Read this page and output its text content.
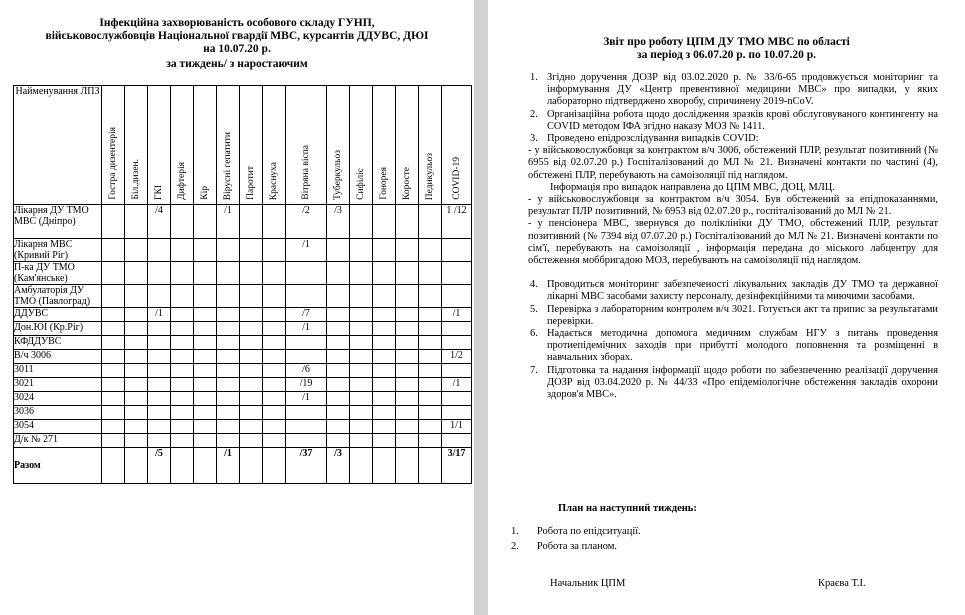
Інфекційна захворюваність особового складу ГУНП,
військовослужбовців Національної гвардії МВС, курсантів ДДУВС, ДЮІ
на 10.07.20 р.
за тиждень/ з наростаючим
Найменування ЛПЗ	Гостра дизентерія	Біл.дизен.	ГКІ	Дифтерія	Кір	Вірусні гепатити	Паротит	Краснуха	Вітряна віспа	Туберкульоз	Сифіліс	Гонорея	Коросте	Педикульоз	COVID-19

Лікарня ДУ ТМО МВС (Дніпро)			/4			/1			/2	/3					1 /12
Лікарня МВС (Кривий Ріг)									/1						
П-ка ДУ ТМО (Кам'янське)															
Амбулаторія ДУ ТМО (Павлоград)															
ДДУВС			/1						/7						/1
Дон.ЮІ (Кр.Ріг)									/1						
КФДДУВС															
В/ч 3006															1/2
3011									/6						
3021									/19						/1
3024									/1						
3036															
3054															1/1
Д/к № 271															
Разом			/5			/1			/37	/3					3/17
Звіт про роботу ЦПМ ДУ ТМО МВС по області
за період з 06.07.20 р. по 10.07.20 р.
1. Згідно доручення ДОЗР від 03.02.2020 р. № 33/6-65 продовжується моніторинг та інформування ДУ «Центр превентивної медицини МВС» про випадки, у яких лабораторно підтверджено хворобу, спричинену 2019-nCoV.
2. Організаційна робота щодо дослідження зразків крові обслуговуваного контингенту на COVID методом ІФА згідно наказу МОЗ № 1411.
3. Проведено епідрозслідування випадків COVID:

- у військовослужбовця за контрактом в/ч 3006, обстежений ПЛР, результат позитивний (№ 6955 від 02.07.20 р.) Госпіталізований до МЛ № 21. Визначені контакти по частині (4), обстежені ПЛР, перебувають на самоізоляції під наглядом.

Інформація про випадок направлена до ЦПМ МВС, ДОЦ, МЛЦ.

- у військовослужбовця за контрактом в/ч 3054. Був обстежений за епідпоказаннями, результат ПЛР позитивний, № 6953 від 02.07.20 р., госпіталізований до МЛ № 21.

- у пенсіонера МВС, звернувся до поліклініки ДУ ТМО, обстежений ПЛР, результат позитивний (№ 7394 від 07.07.20 р.) Госпіталізований до МЛ № 21. Визначені контакти по сім'ї, перебувають на самоізоляції , інформація передана до міського лабцентру для обстеження моббригадою МОЗ, перебувають на самоізоляції під наглядом.

4. Проводиться моніторинг забезпеченості лікувальних закладів ДУ ТМО та державної лікарні МВС засобами захисту персоналу, дезінфекційними та миючими засобами.
5. Перевірка з лабораторним контролем в/ч 3021. Готується акт та припис за результатами перевірки.
6. Надається методична допомога медичним службам НГУ з питань проведення протиепідемічних заходів при прибутті молодого поповнення та розміщенні в навчальних зборах.
7. Підготовка та надання інформації щодо роботи по забезпеченню реалізації доручення ДОЗР від 03.04.2020 р. № 44/33 «Про епідеміологічне обстеження закладів охорони здоров'я МВС».
План на наступний тиждень:
1. Робота по епідситуації.
2. Робота за планом.
Начальник ЦПМ	Краєва Т.І.
